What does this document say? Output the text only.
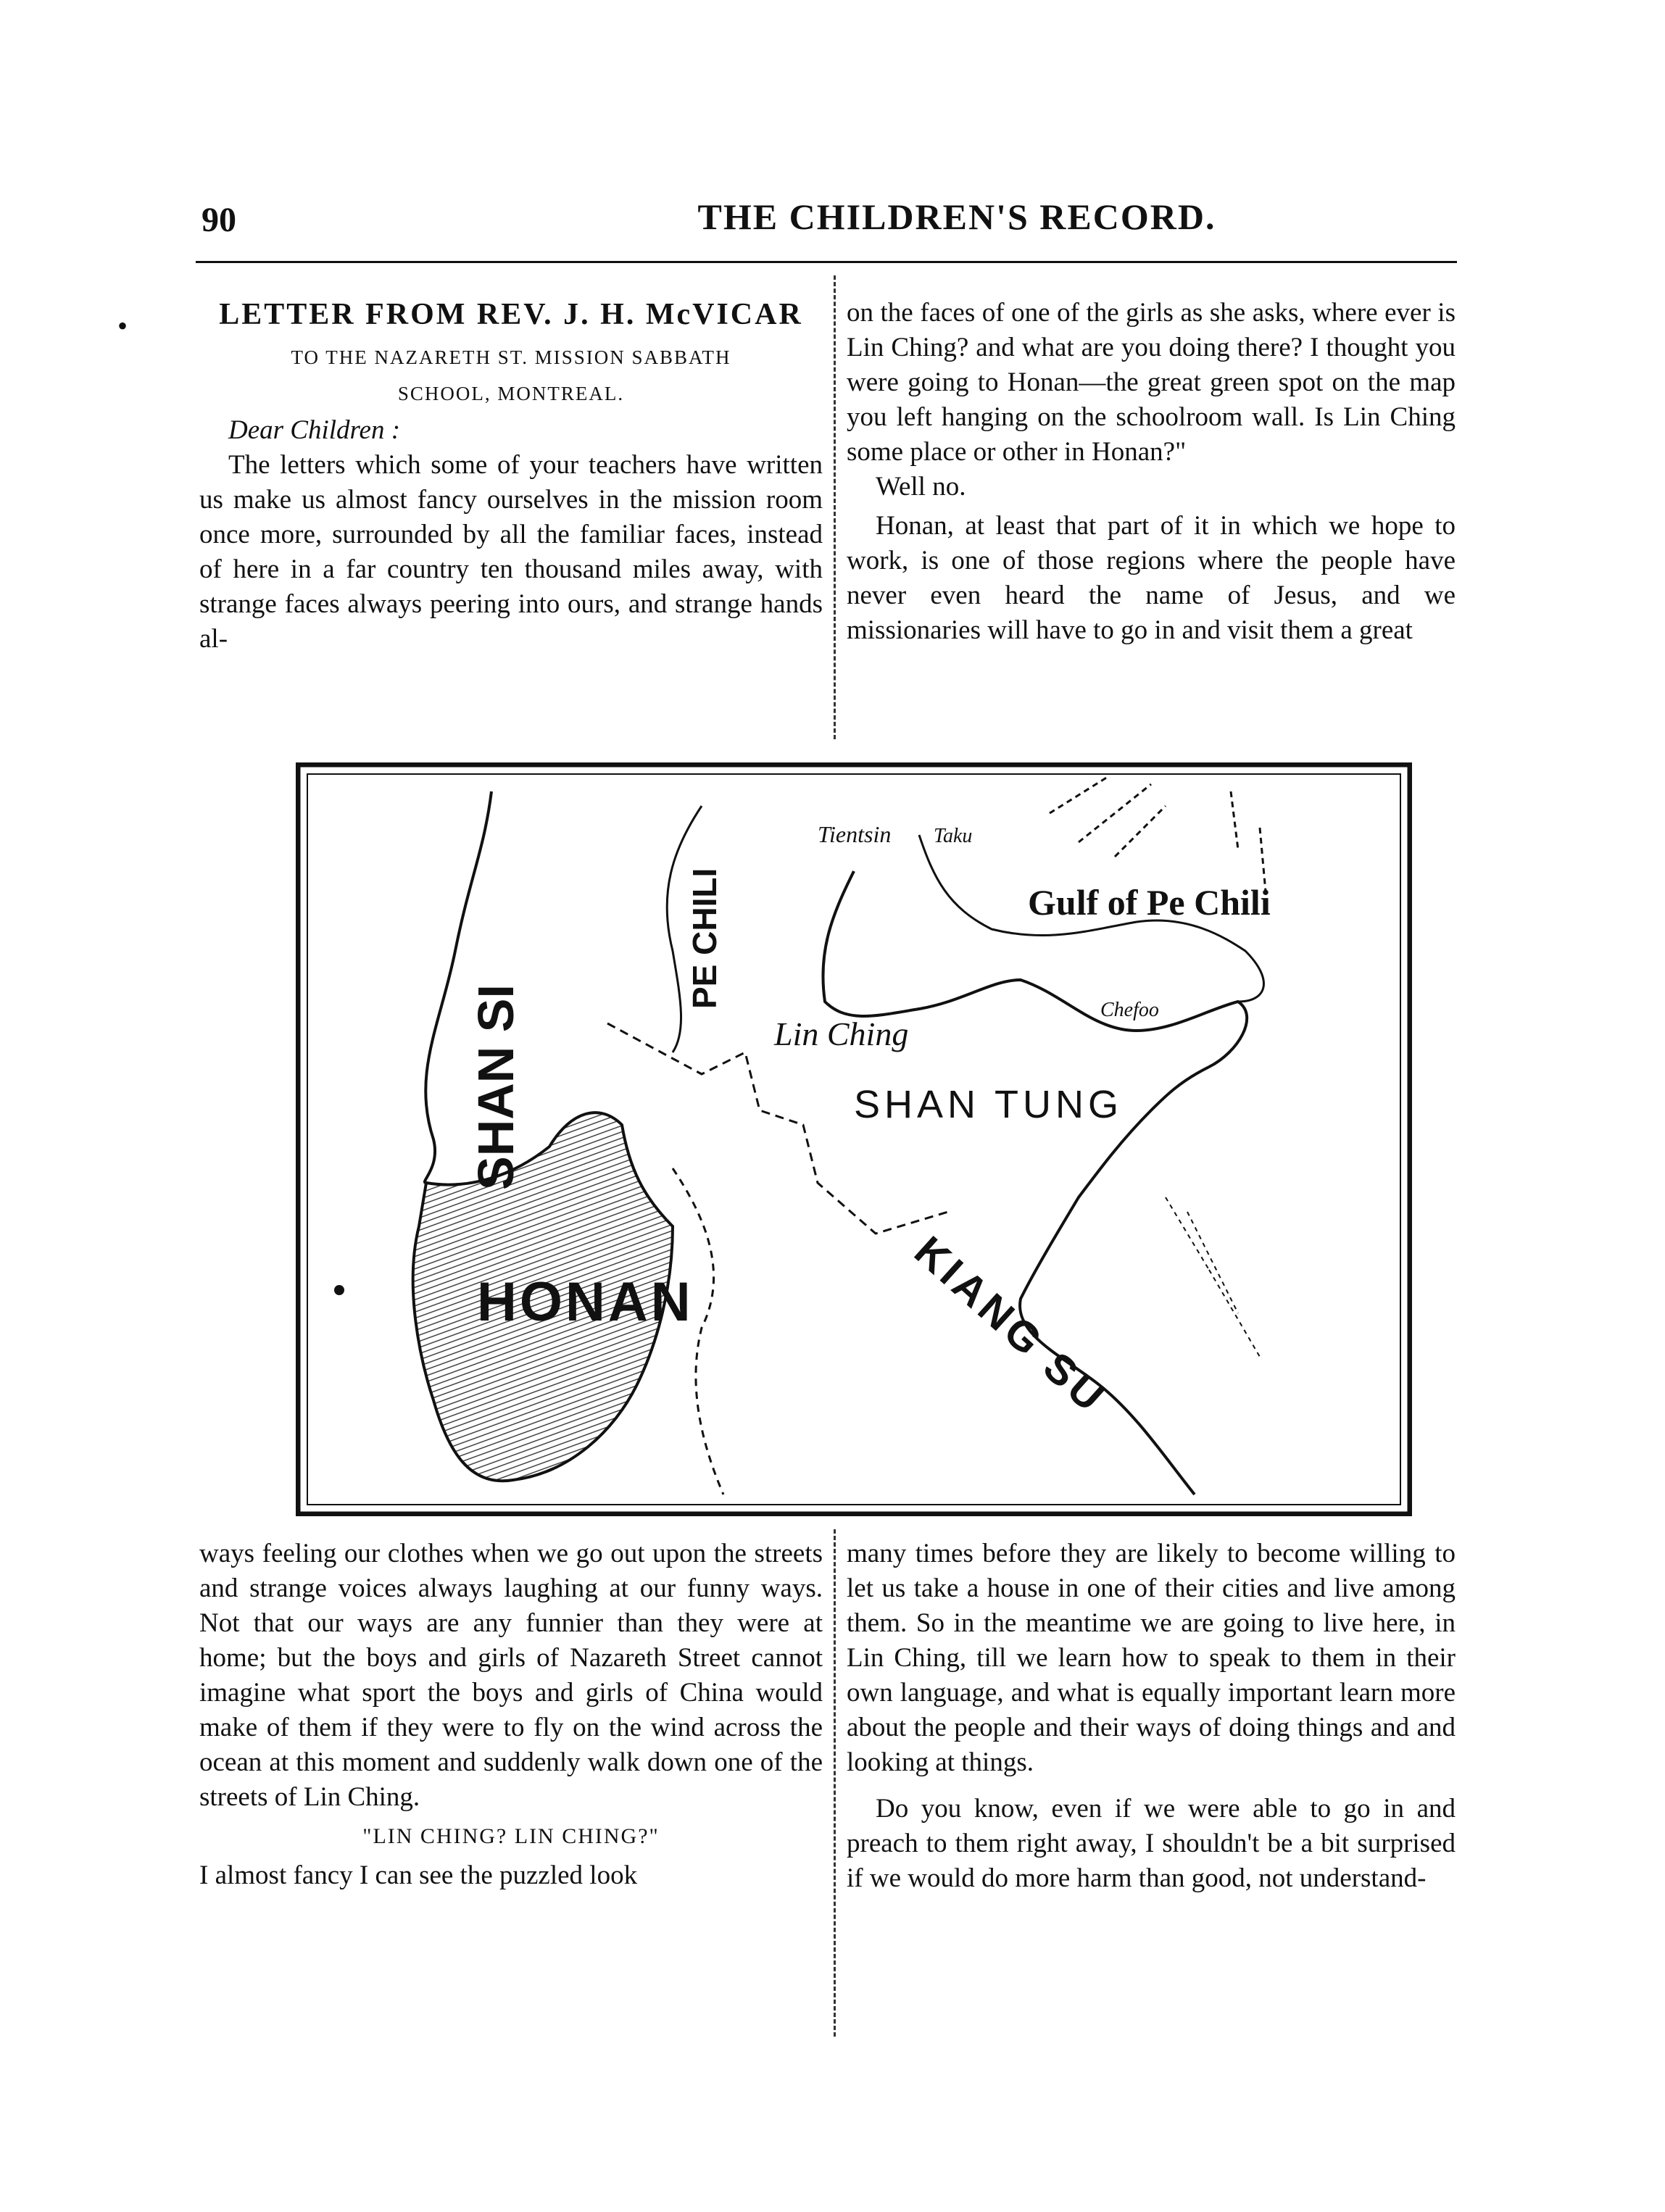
90	THE CHILDREN'S RECORD.
•	LETTER FROM REV. J. H. McVICAR
TO THE NAZARETH ST. MISSION SABBATH
SCHOOL, MONTREAL.

Dear Children :

The letters which some of your teachers have written us make us almost fancy ourselves in the mission room once more, surrounded by all the familiar faces, instead of here in a far country ten thousand miles away, with strange faces always peering into ours, and strange hands al-

on the faces of one of the girls as she asks, where ever is Lin Ching? and what are you doing there? I thought you were going to Honan—the great green spot on the map you left hanging on the schoolroom wall. Is Lin Ching some place or other in Honan?"

Well no.

Honan, at least that part of it in which we hope to work, is one of those regions where the people have never even heard the name of Jesus, and we missionaries will have to go in and visit them a great

SHAN SI
PE CHILI
Tientsin Taku
Gulf of Pe Chili
Chefoo
Lin Ching
SHAN TUNG
HONAN	KIANG SU

ways feeling our clothes when we go out upon the streets and strange voices always laughing at our funny ways. Not that our ways are any funnier than they were at home; but the boys and girls of Nazareth Street cannot imagine what sport the boys and girls of China would make of them if they were to fly on the wind across the ocean at this moment and suddenly walk down one of the streets of Lin Ching.

"LIN CHING? LIN CHING?"

I almost fancy I can see the puzzled look

many times before they are likely to become willing to let us take a house in one of their cities and live among them. So in the meantime we are going to live here, in Lin Ching, till we learn how to speak to them in their own language, and what is equally important learn more about the people and their ways of doing things and and looking at things.

Do you know, even if we were able to go in and preach to them right away, I shouldn't be a bit surprised if we would do more harm than good, not understand-
